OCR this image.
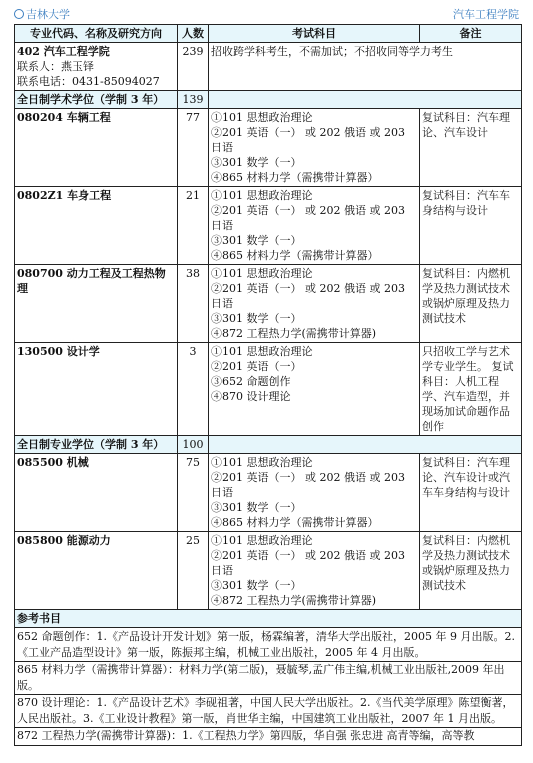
吉林大学	汽车工程学院
专业代码、名称及研究方向	人数	考试科目	备注

402 汽车工程学院
联系人：燕玉铎
联系电话：0431-85094027	239	招收跨学科考生，不需加试；不招收同等学力考生	
全日制学术学位（学制 3 年）	139		
080204 车辆工程	77	①101 思想政治理论
②201 英语（一） 或 202 俄语 或 203
日语
③301 数学（一）
④865 材料力学（需携带计算器）	复试科目：汽车理论、汽车设计
0802Z1 车身工程	21	①101 思想政治理论
②201 英语（一） 或 202 俄语 或 203
日语
③301 数学（一）
④865 材料力学（需携带计算器）	复试科目：汽车车身结构与设计
080700 动力工程及工程热物理	38	①101 思想政治理论
②201 英语（一） 或 202 俄语 或 203
日语
③301 数学（一）
④872 工程热力学(需携带计算器)	复试科目：内燃机学及热力测试技术或锅炉原理及热力测试技术
130500 设计学	3	①101 思想政治理论
②201 英语（一）
③652 命题创作
④870 设计理论	只招收工学与艺术学专业学生。 复试科目：人机工程学、汽车造型，并现场加试命题作品创作
全日制专业学位（学制 3 年）	100		
085500 机械	75	①101 思想政治理论
②201 英语（一） 或 202 俄语 或 203
日语
③301 数学（一）
④865 材料力学（需携带计算器）	复试科目：汽车理论、汽车设计或汽车车身结构与设计
085800 能源动力	25	①101 思想政治理论
②201 英语（一） 或 202 俄语 或 203
日语
③301 数学（一）
④872 工程热力学(需携带计算器)	复试科目：内燃机学及热力测试技术或锅炉原理及热力测试技术
参考书目			

652 命题创作：1.《产品设计开发计划》第一版，杨霖编著，清华大学出版社，2005 年 9 月出版。2.《工业产品造型设计》第一版，陈振邦主编，机械工业出版社，2005 年 4 月出版。
865 材料力学（需携带计算器）：材料力学(第二版)，聂毓琴,孟广伟主编,机械工业出版社,2009 年出版。
870 设计理论：1.《产品设计艺术》李砚祖著，中国人民大学出版社。2.《当代美学原理》陈望衡著，人民出版社。3.《工业设计教程》第一版，肖世华主编，中国建筑工业出版社，2007 年 1 月出版。
872 工程热力学(需携带计算器)：1.《工程热力学》第四版，华自强 张忠进 高青等编，高等教			
